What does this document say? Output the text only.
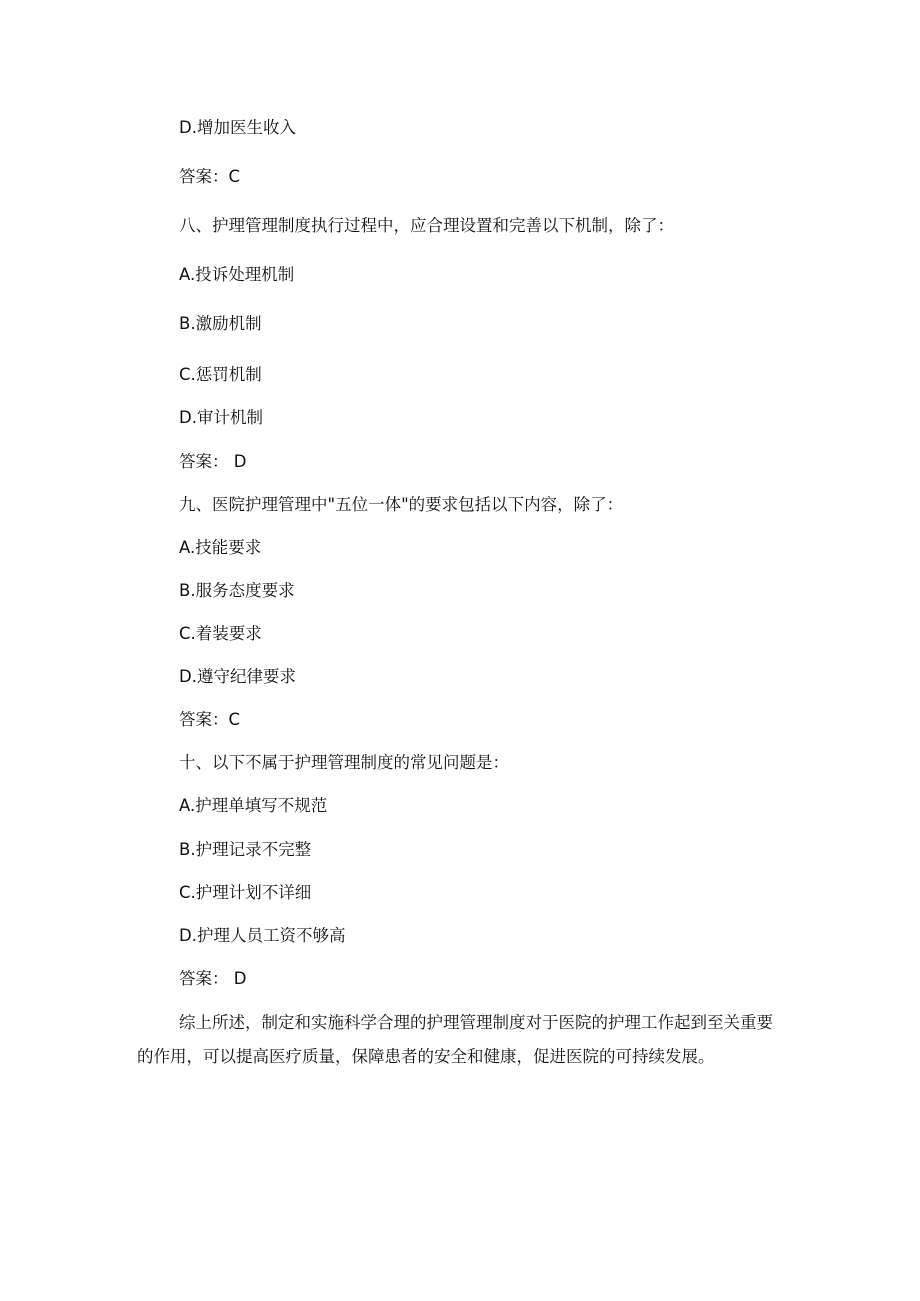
D.增加医生收入
答案：C
八、护理管理制度执行过程中，应合理设置和完善以下机制，除了：
A.投诉处理机制
B.激励机制
C.惩罚机制
D.审计机制
答案： D
九、医院护理管理中"五位一体"的要求包括以下内容，除了：
A.技能要求
B.服务态度要求
C.着装要求
D.遵守纪律要求
答案：C
十、以下不属于护理管理制度的常见问题是：
A.护理单填写不规范
B.护理记录不完整
C.护理计划不详细
D.护理人员工资不够高
答案： D
综上所述，制定和实施科学合理的护理管理制度对于医院的护理工作起到至关重要的作用，可以提高医疗质量，保障患者的安全和健康，促进医院的可持续发展。
